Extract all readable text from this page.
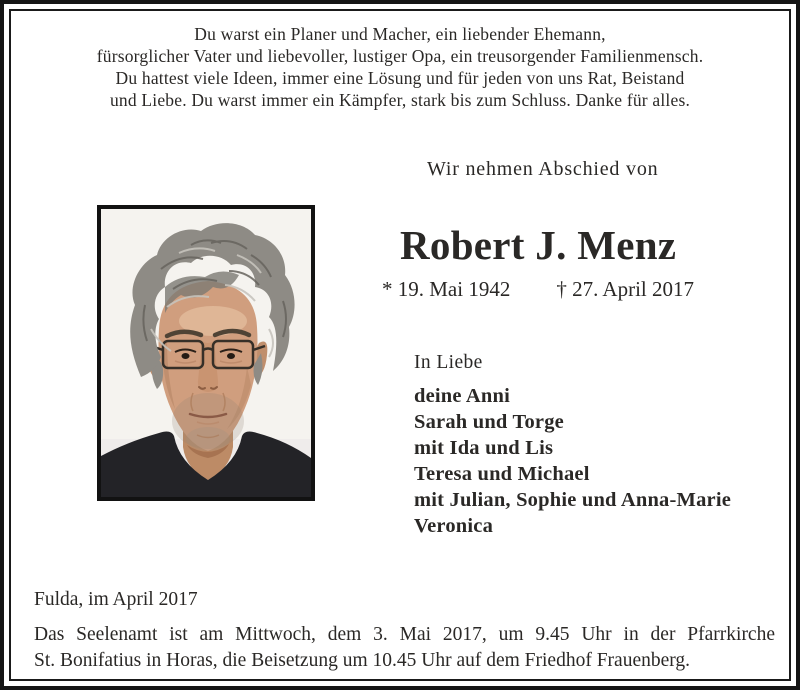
Du warst ein Planer und Macher, ein liebender Ehemann,
fürsorglicher Vater und liebevoller, lustiger Opa, ein treusorgender Familienmensch.
Du hattest viele Ideen, immer eine Lösung und für jeden von uns Rat, Beistand
und Liebe. Du warst immer ein Kämpfer, stark bis zum Schluss. Danke für alles.
Wir nehmen Abschied von
Robert J. Menz
* 19. Mai 1942 † 27. April 2017
In Liebe
deine Anni
Sarah und Torge
mit Ida und Lis
Teresa und Michael
mit Julian, Sophie und Anna-Marie
Veronica
Fulda, im April 2017
Das Seelenamt ist am Mittwoch, dem 3. Mai 2017, um 9.45 Uhr in der Pfarrkirche
St. Bonifatius in Horas, die Beisetzung um 10.45 Uhr auf dem Friedhof Frauenberg.
